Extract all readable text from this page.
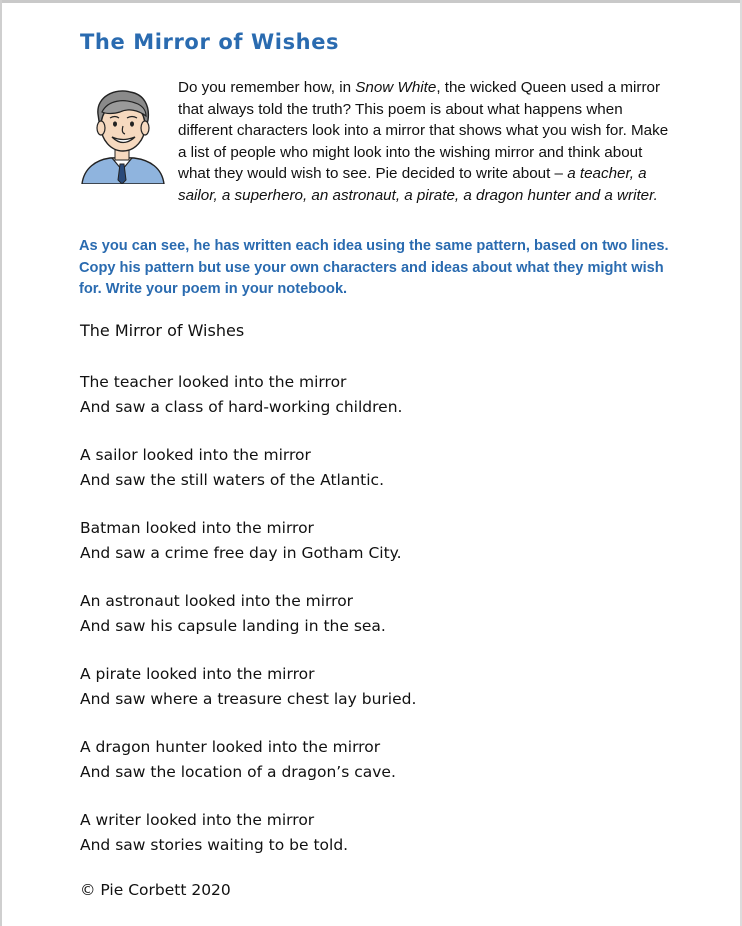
The Mirror of Wishes
Do you remember how, in Snow White, the wicked Queen used a mirror that always told the truth? This poem is about what happens when different characters look into a mirror that shows what you wish for. Make a list of people who might look into the wishing mirror and think about what they would wish to see. Pie decided to write about – a teacher, a sailor, a superhero, an astronaut, a pirate, a dragon hunter and a writer.
As you can see, he has written each idea using the same pattern, based on two lines. Copy his pattern but use your own characters and ideas about what they might wish for. Write your poem in your notebook.
The Mirror of Wishes
The teacher looked into the mirror
And saw a class of hard-working children.
A sailor looked into the mirror
And saw the still waters of the Atlantic.
Batman looked into the mirror
And saw a crime free day in Gotham City.
An astronaut looked into the mirror
And saw his capsule landing in the sea.
A pirate looked into the mirror
And saw where a treasure chest lay buried.
A dragon hunter looked into the mirror
And saw the location of a dragon’s cave.
A writer looked into the mirror
And saw stories waiting to be told.
© Pie Corbett 2020
